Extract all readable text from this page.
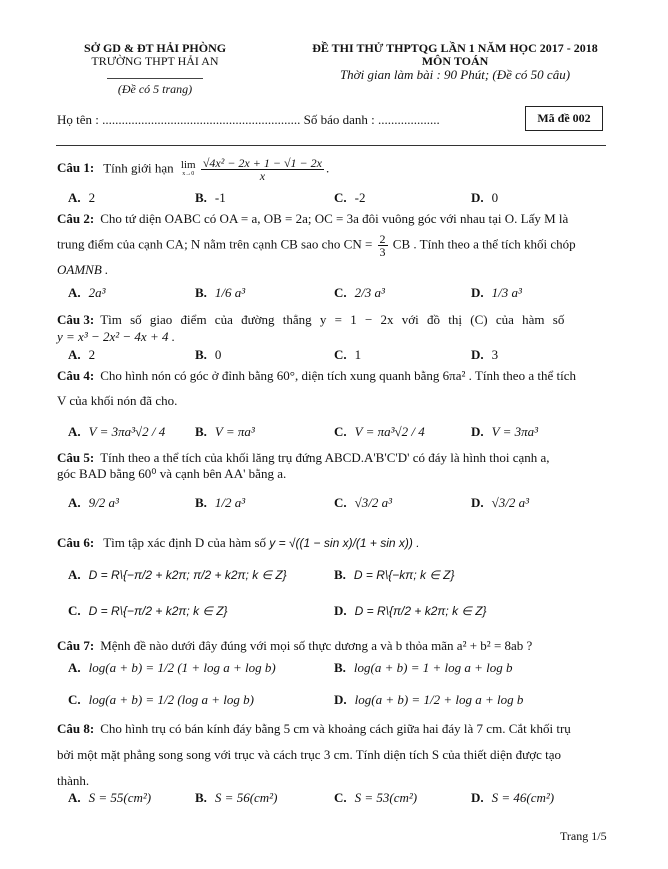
SỞ GD & ĐT HẢI PHÒNG
TRƯỜNG THPT HẢI AN
(Đề có 5 trang)
ĐỀ THI THỬ THPTQG LẦN 1 NĂM HỌC 2017 - 2018
MÔN TOÁN
Thời gian làm bài : 90 Phút; (Đề có 50 câu)
Họ tên : ............................................................. Số báo danh : ...................	Mã đề 002
Câu 1: Tính giới hạn lim
x→0
$\frac{\text{√4x² − 2x + 1 − √1 − 2x}}{x}$ .
A. 2	B. -1	C. -2	D. 0
Câu 2: Cho tứ diện OABC có OA = a, OB = 2a; OC = 3a đôi vuông góc với nhau tại O. Lấy M là
trung điểm của cạnh CA; N nằm trên cạnh CB sao cho CN = $\frac{2}{3}$ CB . Tính theo a thể tích khối chóp
OAMNB .
A. 2a³	B. 1/6 a³	C. 2/3 a³	D. 1/3 a³
Câu 3: Tìm số giao điểm của đường thẳng y = 1 − 2x với đồ thị (C) của hàm số
y = x³ − 2x² − 4x + 4 .
A. 2	B. 0	C. 1	D. 3
Câu 4: Cho hình nón có góc ở đỉnh bằng 60°, diện tích xung quanh bằng 6πa² . Tính theo a thể tích
V của khối nón đã cho.
A. V = 3πa³√2 / 4 B. V = πa³	C. V = πa³√2 / 4	D. V = 3πa³
Câu 5: Tính theo a thể tích của khối lăng trụ đứng ABCD.A'B'C'D' có đáy là hình thoi cạnh a,
góc BAD bằng 60⁰ và cạnh bên AA' bằng a.
A. 9/2 a³	B. 1/2 a³	C. √3/2 a³	D. √3/2 a³
Câu 6: Tìm tập xác định D của hàm số y = √((1 − sin x)/(1 + sin x)) .
A. D = R\{−π/2 + k2π; π/2 + k2π; k ∈ Z}	B. D = R\{−kπ; k ∈ Z}
C. D = R\{−π/2 + k2π; k ∈ Z}	D. D = R\{π/2 + k2π; k ∈ Z}
Câu 7: Mệnh đề nào dưới đây đúng với mọi số thực dương a và b thỏa mãn a² + b² = 8ab ?
A. log(a + b) = 1/2 (1 + log a + log b)	B. log(a + b) = 1 + log a + log b
C. log(a + b) = 1/2 (log a + log b)	D. log(a + b) = 1/2 + log a + log b
Câu 8: Cho hình trụ có bán kính đáy bằng 5 cm và khoảng cách giữa hai đáy là 7 cm. Cắt khối trụ
bởi một mặt phẳng song song với trục và cách trục 3 cm. Tính diện tích S của thiết diện được tạo
thành.
A. S = 55(cm²)	B. S = 56(cm²)	C. S = 53(cm²)	D. S = 46(cm²)
Trang 1/5
